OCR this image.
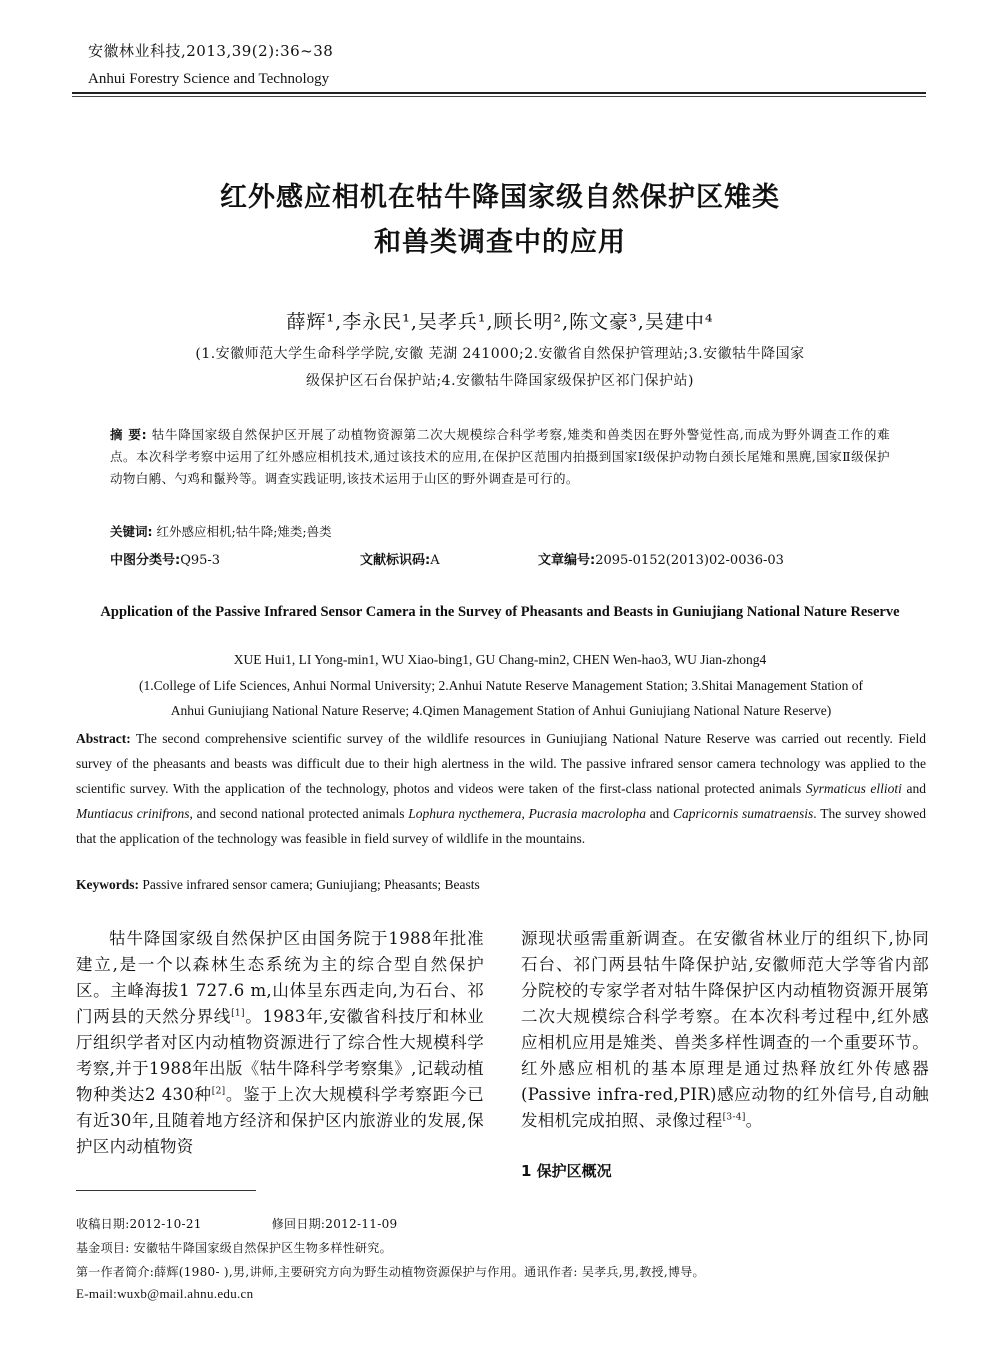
安徽林业科技,2013,39(2):36~38
Anhui Forestry Science and Technology
红外感应相机在牯牛降国家级自然保护区雉类
和兽类调查中的应用
薛辉¹,李永民¹,吴孝兵¹,顾长明²,陈文豪³,吴建中⁴
(1.安徽师范大学生命科学学院,安徽 芜湖 241000;2.安徽省自然保护管理站;3.安徽牯牛降国家
级保护区石台保护站;4.安徽牯牛降国家级保护区祁门保护站)
摘 要: 牯牛降国家级自然保护区开展了动植物资源第二次大规模综合科学考察,雉类和兽类因在野外警觉性高,而成为野外调查工作的难点。本次科学考察中运用了红外感应相机技术,通过该技术的应用,在保护区范围内拍摄到国家Ⅰ级保护动物白颈长尾雉和黑麂,国家Ⅱ级保护动物白鹇、勺鸡和鬣羚等。调查实践证明,该技术运用于山区的野外调查是可行的。
关键词: 红外感应相机;牯牛降;雉类;兽类
中图分类号:Q95-3	文献标识码:A	文章编号:2095-0152(2013)02-0036-03
Application of the Passive Infrared Sensor Camera in the Survey of Pheasants and Beasts in Guniujiang National Nature Reserve
XUE Hui1, LI Yong-min1, WU Xiao-bing1, GU Chang-min2, CHEN Wen-hao3, WU Jian-zhong4
(1.College of Life Sciences, Anhui Normal University; 2.Anhui Natute Reserve Management Station; 3.Shitai Management Station of
Anhui Guniujiang National Nature Reserve; 4.Qimen Management Station of Anhui Guniujiang National Nature Reserve)
Abstract: The second comprehensive scientific survey of the wildlife resources in Guniujiang National Nature Reserve was carried out recently. Field survey of the pheasants and beasts was difficult due to their high alertness in the wild. The passive infrared sensor camera technology was applied to the scientific survey. With the application of the technology, photos and videos were taken of the first-class national protected animals Syrmaticus ellioti and Muntiacus crinifrons, and second national protected animals Lophura nycthemera, Pucrasia macrolopha and Capricornis sumatraensis. The survey showed that the application of the technology was feasible in field survey of wildlife in the mountains.
Keywords: Passive infrared sensor camera; Guniujiang; Pheasants; Beasts
牯牛降国家级自然保护区由国务院于1988年批准建立,是一个以森林生态系统为主的综合型自然保护区。主峰海拔1 727.6 m,山体呈东西走向,为石台、祁门两县的天然分界线[1]。1983年,安徽省科技厅和林业厅组织学者对区内动植物资源进行了综合性大规模科学考察,并于1988年出版《牯牛降科学考察集》,记载动植物种类达2 430种[2]。鉴于上次大规模科学考察距今已有近30年,且随着地方经济和保护区内旅游业的发展,保护区内动植物资
源现状亟需重新调查。在安徽省林业厅的组织下,协同石台、祁门两县牯牛降保护站,安徽师范大学等省内部分院校的专家学者对牯牛降保护区内动植物资源开展第二次大规模综合科学考察。在本次科考过程中,红外感应相机应用是雉类、兽类多样性调查的一个重要环节。红外感应相机的基本原理是通过热释放红外传感器(Passive infra-red,PIR)感应动物的红外信号,自动触发相机完成拍照、录像过程[3-4]。
1 保护区概况
收稿日期:2012-10-21	修回日期:2012-11-09
基金项目: 安徽牯牛降国家级自然保护区生物多样性研究。
第一作者简介:薛辉(1980- ),男,讲师,主要研究方向为野生动植物资源保护与作用。通讯作者: 吴孝兵,男,教授,博导。
E-mail:wuxb@mail.ahnu.edu.cn
